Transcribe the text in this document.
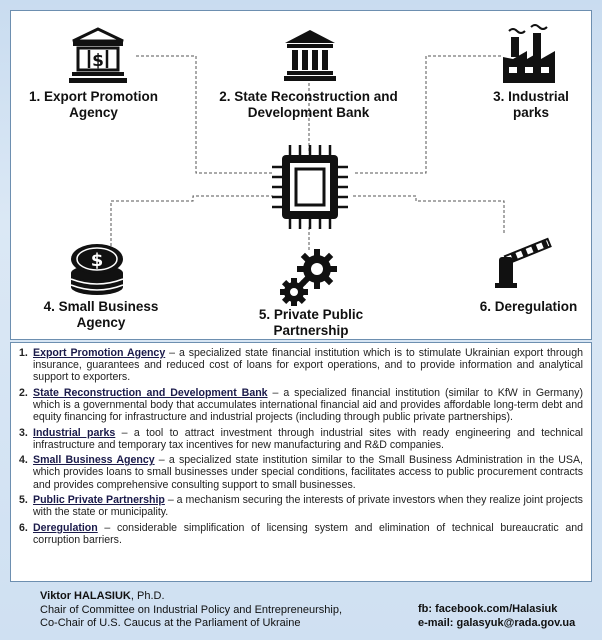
$
1. Export Promotion
Agency
2. State Reconstruction and
Development Bank
3. Industrial
parks
$
4. Small Business
Agency
5. Private Public
Partnership
6. Deregulation
1. Export Promotion Agency – a specialized state financial institution which is to stimulate Ukrainian export through insurance, guarantees and reduced cost of loans for export operations, and to provide information and analytical support to exporters.
2. State Reconstruction and Development Bank – a specialized financial institution (similar to KfW in Germany) which is a governmental body that accumulates international financial aid and provides affordable long-term debt and equity financing for infrastructure and industrial projects (including through public private partnerships).
3. Industrial parks – a tool to attract investment through industrial sites with ready engineering and technical infrastructure and temporary tax incentives for new manufacturing and R&D companies.
4. Small Business Agency – a specialized state institution similar to the Small Business Administration in the USA, which provides loans to small businesses under special conditions, facilitates access to public procurement contracts and provides comprehensive consulting support to small businesses.
5. Public Private Partnership – a mechanism securing the interests of private investors when they realize joint projects with the state or municipality.
6. Deregulation – considerable simplification of licensing system and elimination of technical bureaucratic and corruption barriers.
Viktor HALASIUK, Ph.D.
Chair of Committee on Industrial Policy and Entrepreneurship,
Co-Chair of U.S. Caucus at the Parliament of Ukraine
fb: facebook.com/Halasiuk
e-mail: galasyuk@rada.gov.ua
